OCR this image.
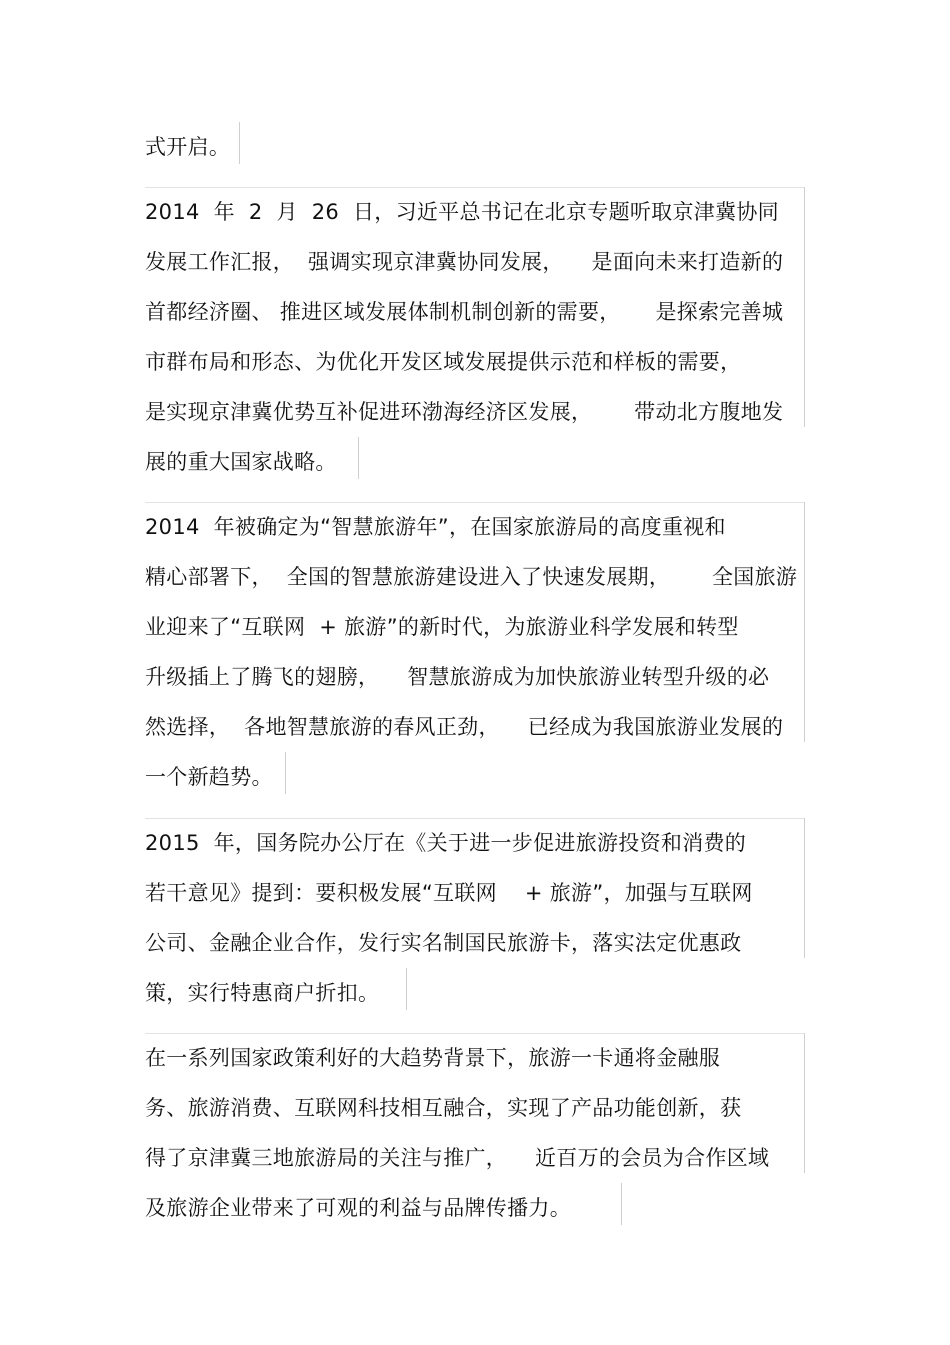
式开启。
2014  年  2  月  26  日，习近平总书记在北京专题听取京津冀协同
发展工作汇报，  强调实现京津冀协同发展，    是面向未来打造新的
首都经济圈、 推进区域发展体制机制创新的需要，     是探索完善城
市群布局和形态、为优化开发区域发展提供示范和样板的需要，
是实现京津冀优势互补促进环渤海经济区发展，      带动北方腹地发
展的重大国家战略。
2014  年被确定为“智慧旅游年”，在国家旅游局的高度重视和
精心部署下，  全国的智慧旅游建设进入了快速发展期，      全国旅游
业迎来了“互联网  + 旅游”的新时代，为旅游业科学发展和转型
升级插上了腾飞的翅膀，    智慧旅游成为加快旅游业转型升级的必
然选择，  各地智慧旅游的春风正劲，    已经成为我国旅游业发展的
一个新趋势。
2015  年，国务院办公厅在《关于进一步促进旅游投资和消费的
若干意见》提到：要积极发展“互联网    + 旅游”，加强与互联网
公司、金融企业合作，发行实名制国民旅游卡，落实法定优惠政
策，实行特惠商户折扣。
在一系列国家政策利好的大趋势背景下，旅游一卡通将金融服
务、旅游消费、互联网科技相互融合，实现了产品功能创新，获
得了京津冀三地旅游局的关注与推广，    近百万的会员为合作区域
及旅游企业带来了可观的利益与品牌传播力。
